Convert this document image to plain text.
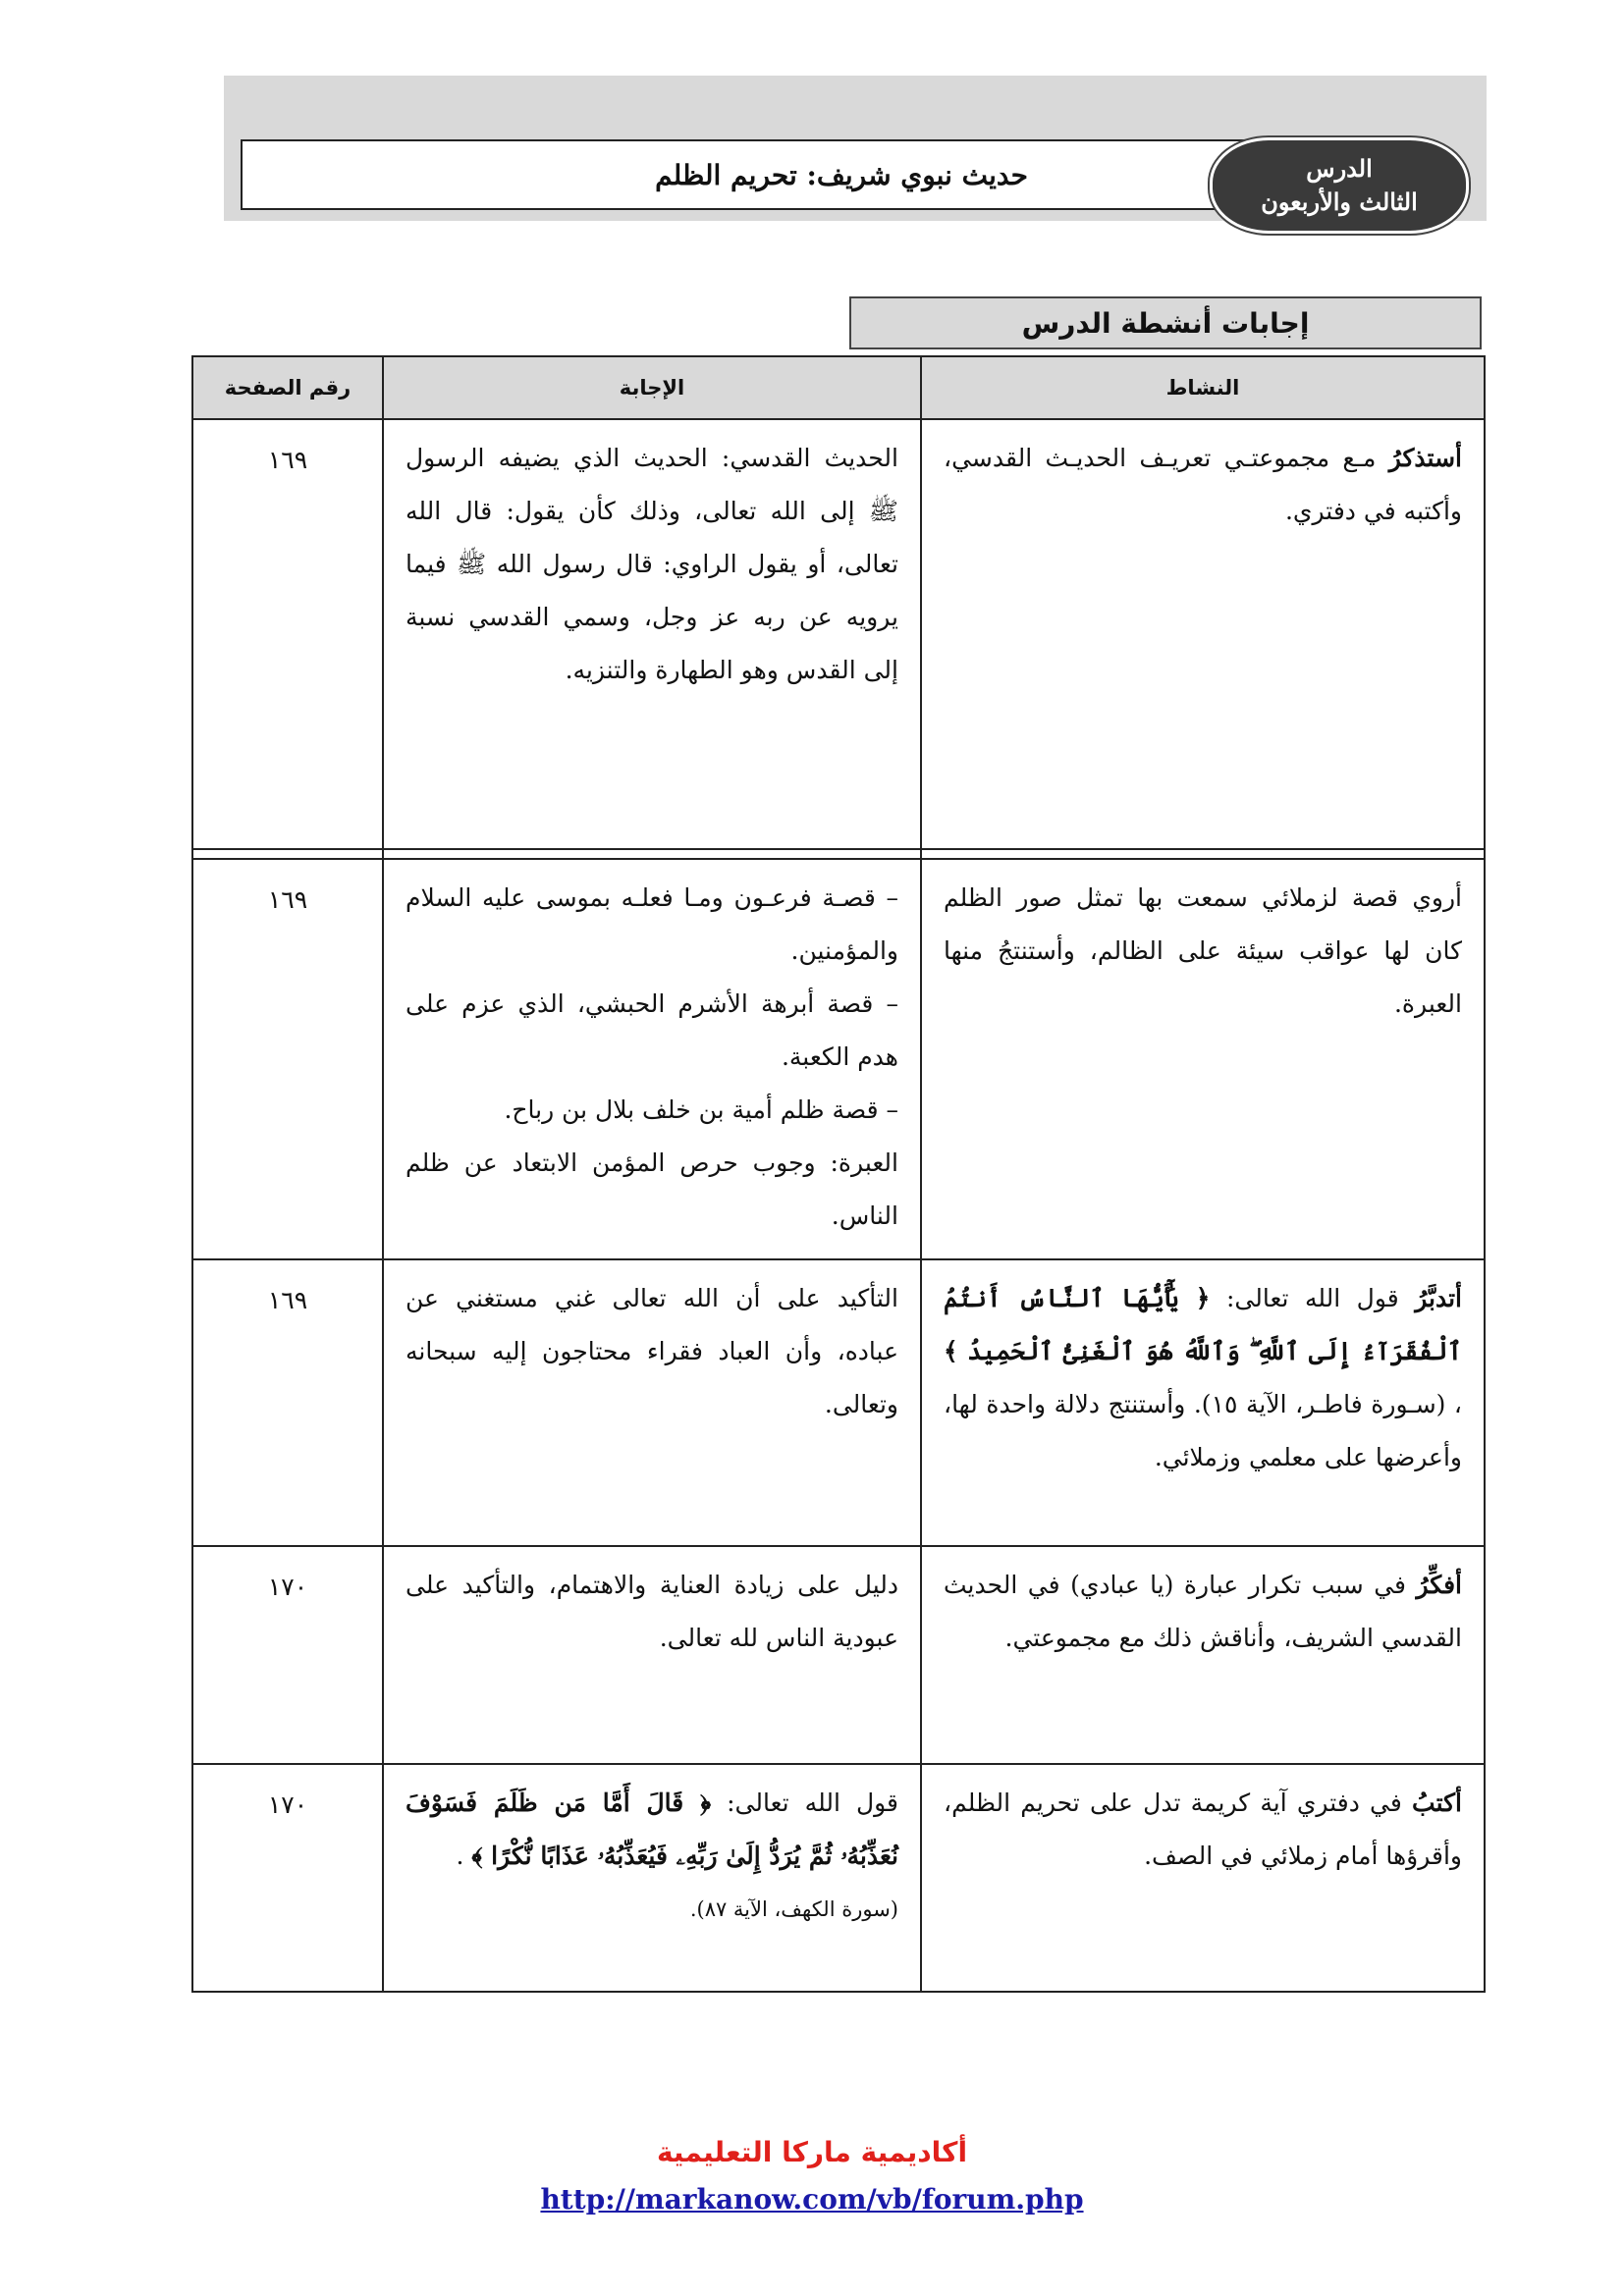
حديث نبوي شريف: تحريم الظلم	الدرس
الثالث والأربعون
إجابات أنشطة الدرس
النشاط	الإجابة	رقم الصفحة
أستذكرُ مـع مجموعتـي تعريـف الحديـث القدسي، وأكتبه في دفتري.	الحديث القدسي: الحديث الذي يضيفه الرسول ﷺ إلى الله تعالى، وذلك كأن يقول: قال الله تعالى، أو يقول الراوي: قال رسول الله ﷺ فيما يرويه عن ربه عز وجل، وسمي القدسي نسبة إلى القدس وهو الطهارة والتنزيه.	١٦٩

أروي قصة لزملائي سمعت بها تمثل صور الظلم كان لها عواقب سيئة على الظالم، وأستنتجُ منها العبرة.	– قصـة فرعـون ومـا فعلـه بموسى عليه السلام والمؤمنين.
– قصة أبرهة الأشرم الحبشي، الذي عزم على هدم الكعبة.
– قصة ظلم أمية بن خلف بلال بن رباح.
العبرة: وجوب حرص المؤمن الابتعاد عن ظلم الناس.	١٦٩
أتدبَّرُ قول الله تعالى: ﴿ يَٰٓأَيُّهَا ٱلنَّاسُ أَنتُمُ ٱلْفُقَرَآءُ إِلَى ٱللَّهِ ۖ وَٱللَّهُ هُوَ ٱلْغَنِىُّ ٱلْحَمِيدُ ﴾ ، (سـورة فاطـر، الآية ١٥). وأستنتج دلالة واحدة لها، وأعرضها على معلمي وزملائي.	التأكيد على أن الله تعالى غني مستغني عن عباده، وأن العباد فقراء محتاجون إليه سبحانه وتعالى.	١٦٩
أفكِّرُ في سبب تكرار عبارة (يا عبادي) في الحديث القدسي الشريف، وأناقش ذلك مع مجموعتي.	دليل على زيادة العناية والاهتمام، والتأكيد على عبودية الناس لله تعالى.	١٧٠
أكتبُ في دفتري آية كريمة تدل على تحريم الظلم، وأقرؤها أمام زملائي في الصف.	قول الله تعالى: ﴿ قَالَ أَمَّا مَن ظَلَمَ فَسَوْفَ نُعَذِّبُهُۥ ثُمَّ يُرَدُّ إِلَىٰ رَبِّهِۦ فَيُعَذِّبُهُۥ عَذَابًا نُّكْرًا ﴾ .
(سورة الكهف، الآية ٨٧).	١٧٠
أكاديمية ماركا التعليمية
http://markanow.com/vb/forum.php
